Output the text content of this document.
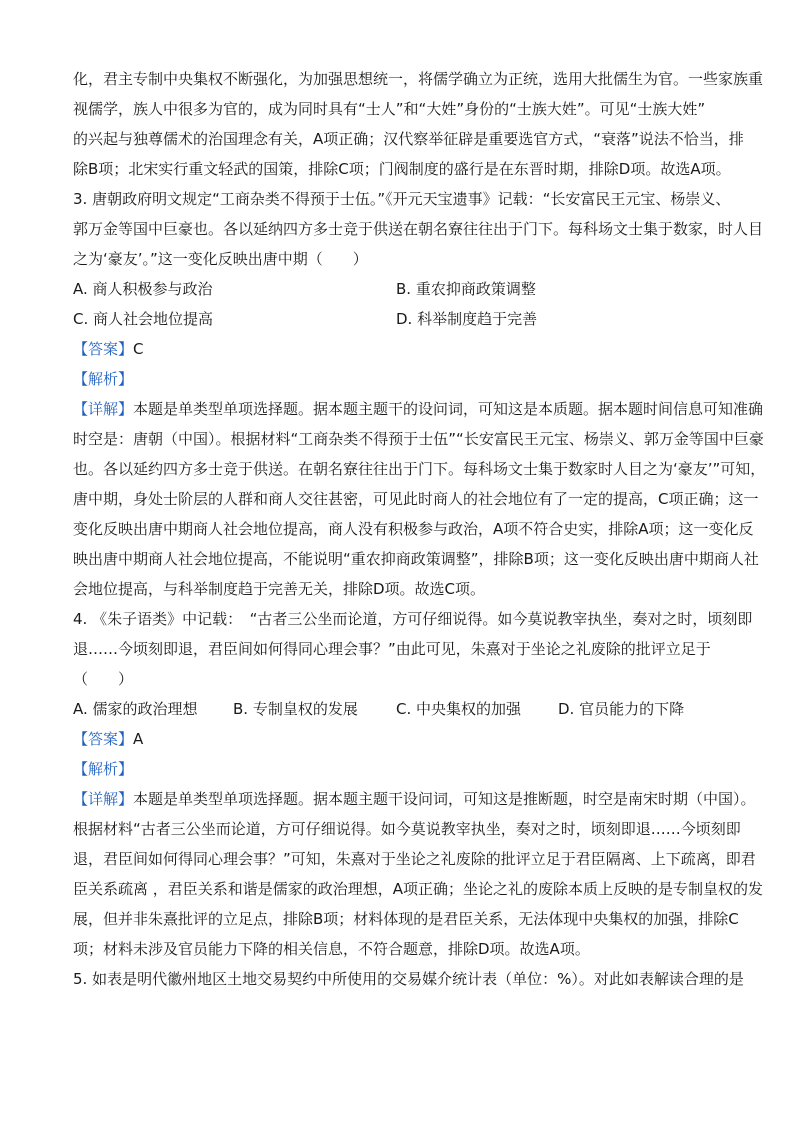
化，君主专制中央集权不断强化，为加强思想统一，将儒学确立为正统，选用大批儒生为官。一些家族重
视儒学，族人中很多为官的，成为同时具有“士人”和“大姓”身份的“士族大姓”。可见“士族大姓”
的兴起与独尊儒术的治国理念有关，A项正确；汉代察举征辟是重要选官方式，“衰落”说法不恰当，排
除B项；北宋实行重文轻武的国策，排除C项；门阀制度的盛行是在东晋时期，排除D项。故选A项。
3. 唐朝政府明文规定“工商杂类不得预于士伍。”《开元天宝遗事》记载：“长安富民王元宝、杨崇义、
郭万金等国中巨豪也。各以延纳四方多士竞于供送在朝名寮往往出于门下。每科场文士集于数家，时人目
之为‘豪友’。”这一变化反映出唐中期（　　）
A. 商人积极参与政治	B. 重农抑商政策调整
C. 商人社会地位提高	D. 科举制度趋于完善
【答案】C
【解析】
【详解】本题是单类型单项选择题。据本题主题干的设问词，可知这是本质题。据本题时间信息可知准确
时空是：唐朝（中国）。根据材料“工商杂类不得预于士伍”“长安富民王元宝、杨崇义、郭万金等国中巨豪
也。各以延约四方多士竞于供送。在朝名寮往往出于门下。每科场文士集于数家时人目之为‘豪友’”可知，
唐中期，身处士阶层的人群和商人交往甚密，可见此时商人的社会地位有了一定的提高，C项正确；这一
变化反映出唐中期商人社会地位提高，商人没有积极参与政治，A项不符合史实，排除A项；这一变化反
映出唐中期商人社会地位提高，不能说明“重农抑商政策调整”，排除B项；这一变化反映出唐中期商人社
会地位提高，与科举制度趋于完善无关，排除D项。故选C项。
4. 《朱子语类》中记载：　“古者三公坐而论道，方可仔细说得。如今莫说教宰执坐，奏对之时，顷刻即
退……今顷刻即退，君臣间如何得同心理会事？”由此可见，朱熹对于坐论之礼废除的批评立足于
（　　）
A. 儒家的政治理想 B. 专制皇权的发展	C. 中央集权的加强 D. 官员能力的下降
【答案】A
【解析】
【详解】本题是单类型单项选择题。据本题主题干设问词，可知这是推断题，时空是南宋时期（中国）。
根据材料“古者三公坐而论道，方可仔细说得。如今莫说教宰执坐，奏对之时，顷刻即退……今顷刻即
退，君臣间如何得同心理会事？”可知，朱熹对于坐论之礼废除的批评立足于君臣隔离、上下疏离，即君
臣关系疏离 ，君臣关系和谐是儒家的政治理想，A项正确；坐论之礼的废除本质上反映的是专制皇权的发
展，但并非朱熹批评的立足点，排除B项；材料体现的是君臣关系，无法体现中央集权的加强，排除C
项；材料未涉及官员能力下降的相关信息，不符合题意，排除D项。故选A项。
5. 如表是明代徽州地区土地交易契约中所使用的交易媒介统计表（单位：%）。对此如表解读合理的是
